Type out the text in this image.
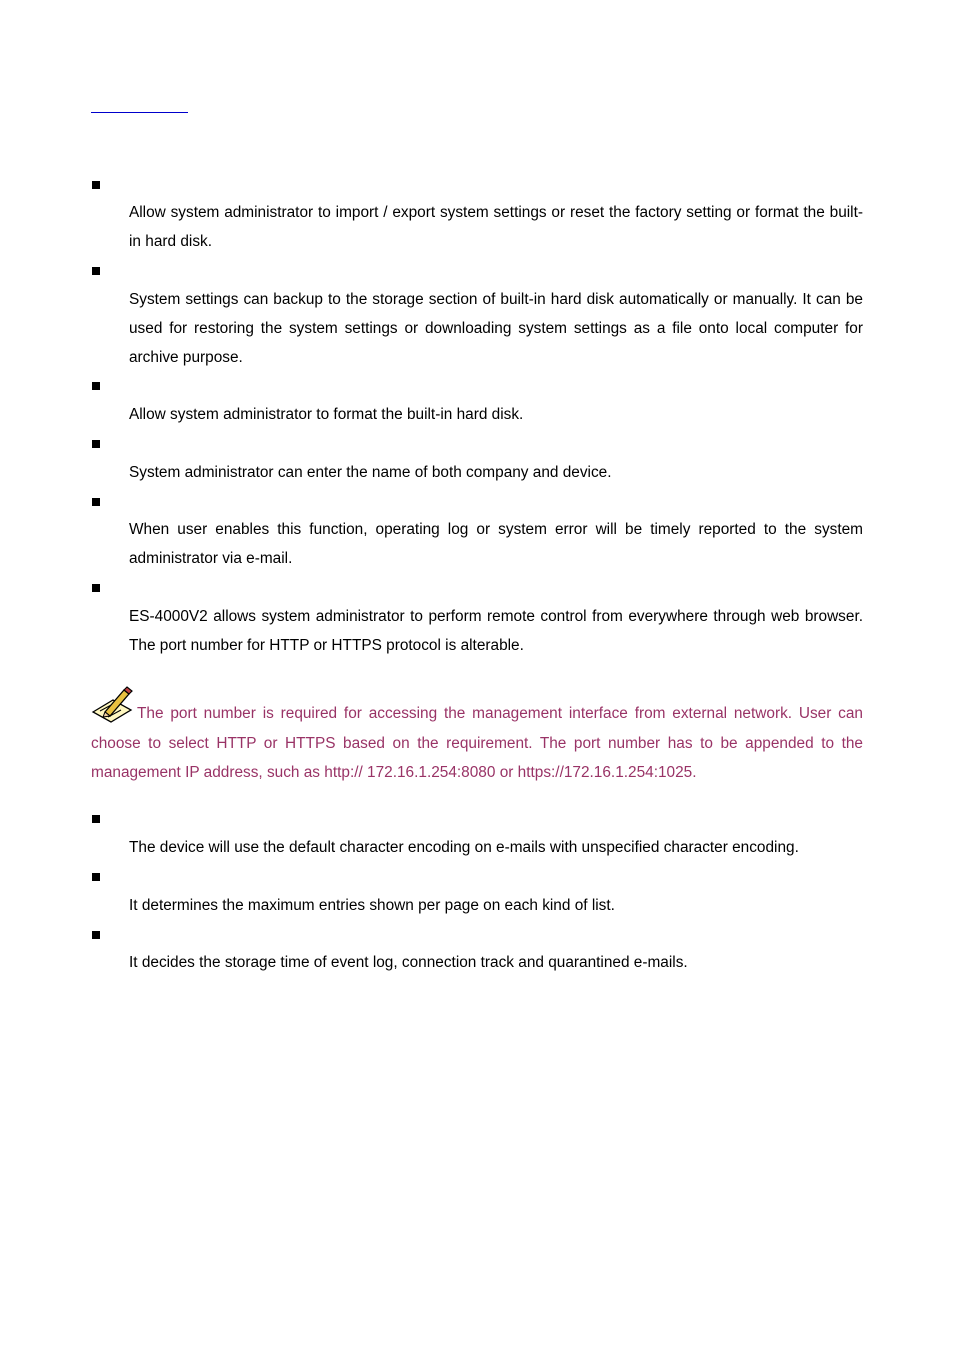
Allow system administrator to import / export system settings or reset the factory setting or format the built-in hard disk.

System settings can backup to the storage section of built-in hard disk automatically or manually. It can be used for restoring the system settings or downloading system settings as a file onto local computer for archive purpose.

Allow system administrator to format the built-in hard disk.

System administrator can enter the name of both company and device.

When user enables this function, operating log or system error will be timely reported to the system administrator via e-mail.

ES-4000V2 allows system administrator to perform remote control from everywhere through web browser. The port number for HTTP or HTTPS protocol is alterable.

The port number is required for accessing the management interface from external network. User can choose to select HTTP or HTTPS based on the requirement. The port number has to be appended to the management IP address, such as http:// 172.16.1.254:8080 or https://172.16.1.254:1025.

The device will use the default character encoding on e-mails with unspecified character encoding.

It determines the maximum entries shown per page on each kind of list.

It decides the storage time of event log, connection track and quarantined e-mails.
